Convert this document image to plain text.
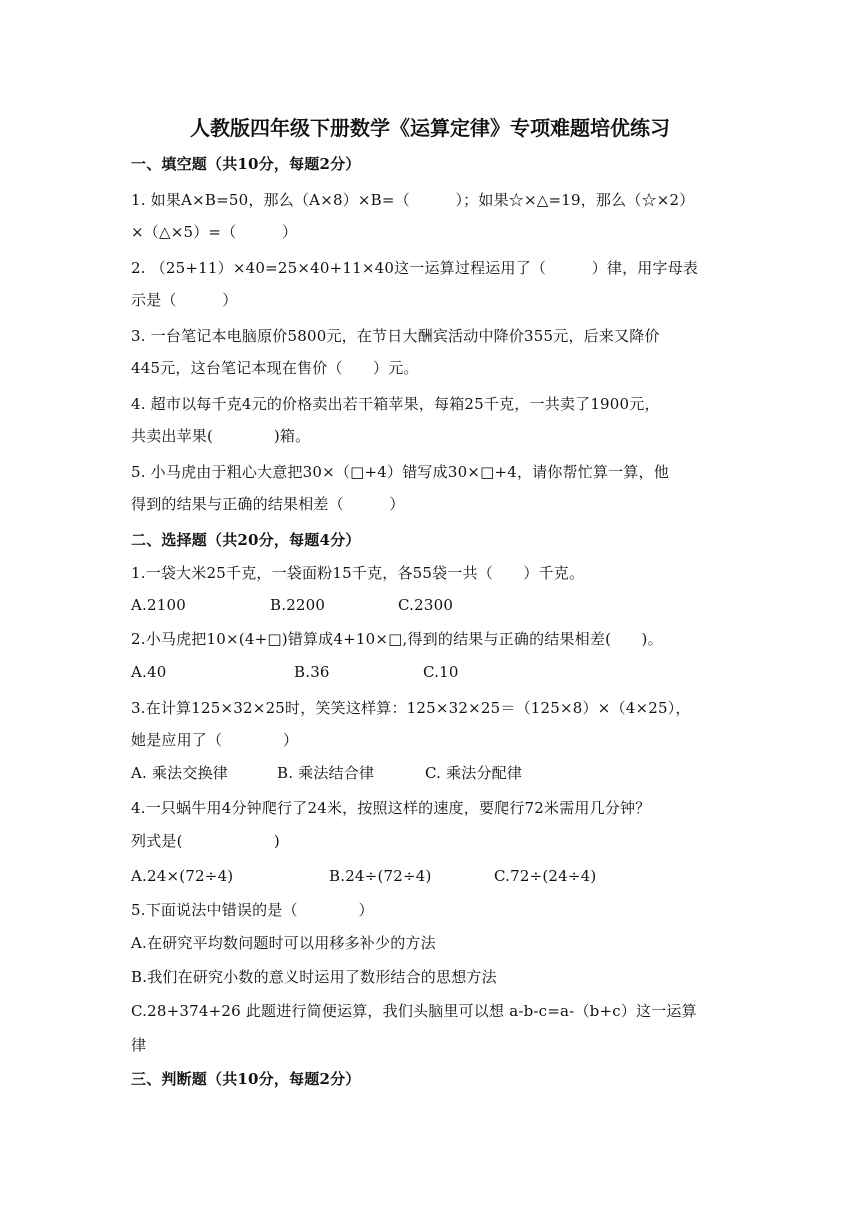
人教版四年级下册数学《运算定律》专项难题培优练习
一、填空题（共10分，每题2分）
1. 如果A×B=50，那么（A×8）×B=（　　　）；如果☆×△=19，那么（☆×2）
×（△×5）=（　　　）
2. （25+11）×40=25×40+11×40这一运算过程运用了（　　　）律，用字母表
示是（　　　）
3. 一台笔记本电脑原价5800元，在节日大酬宾活动中降价355元，后来又降价
445元，这台笔记本现在售价（　　）元。
4. 超市以每千克4元的价格卖出若干箱苹果，每箱25千克，一共卖了1900元，
共卖出苹果(　　　　)箱。
5. 小马虎由于粗心大意把30×（□+4）错写成30×□+4，请你帮忙算一算，他
得到的结果与正确的结果相差（　　　）
二、选择题（共20分，每题4分）
1.一袋大米25千克，一袋面粉15千克，各55袋一共（　　）千克。
A.2100	B.2200	C.2300
2.小马虎把10×(4+□)错算成4+10×□,得到的结果与正确的结果相差(　　)。
A.40	B.36	C.10
3.在计算125×32×25时，笑笑这样算：125×32×25＝（125×8）×（4×25），
她是应用了（　　　　）
A. 乘法交换律	B. 乘法结合律	C. 乘法分配律
4.一只蜗牛用4分钟爬行了24米，按照这样的速度，要爬行72米需用几分钟？
列式是(　　　　　　)
A.24×(72÷4)	B.24÷(72÷4)	C.72÷(24÷4)
5.下面说法中错误的是（　　　　）
A.在研究平均数问题时可以用移多补少的方法
B.我们在研究小数的意义时运用了数形结合的思想方法
C.28+374+26 此题进行简便运算，我们头脑里可以想 a-b-c=a-（b+c）这一运算
律
三、判断题（共10分，每题2分）
